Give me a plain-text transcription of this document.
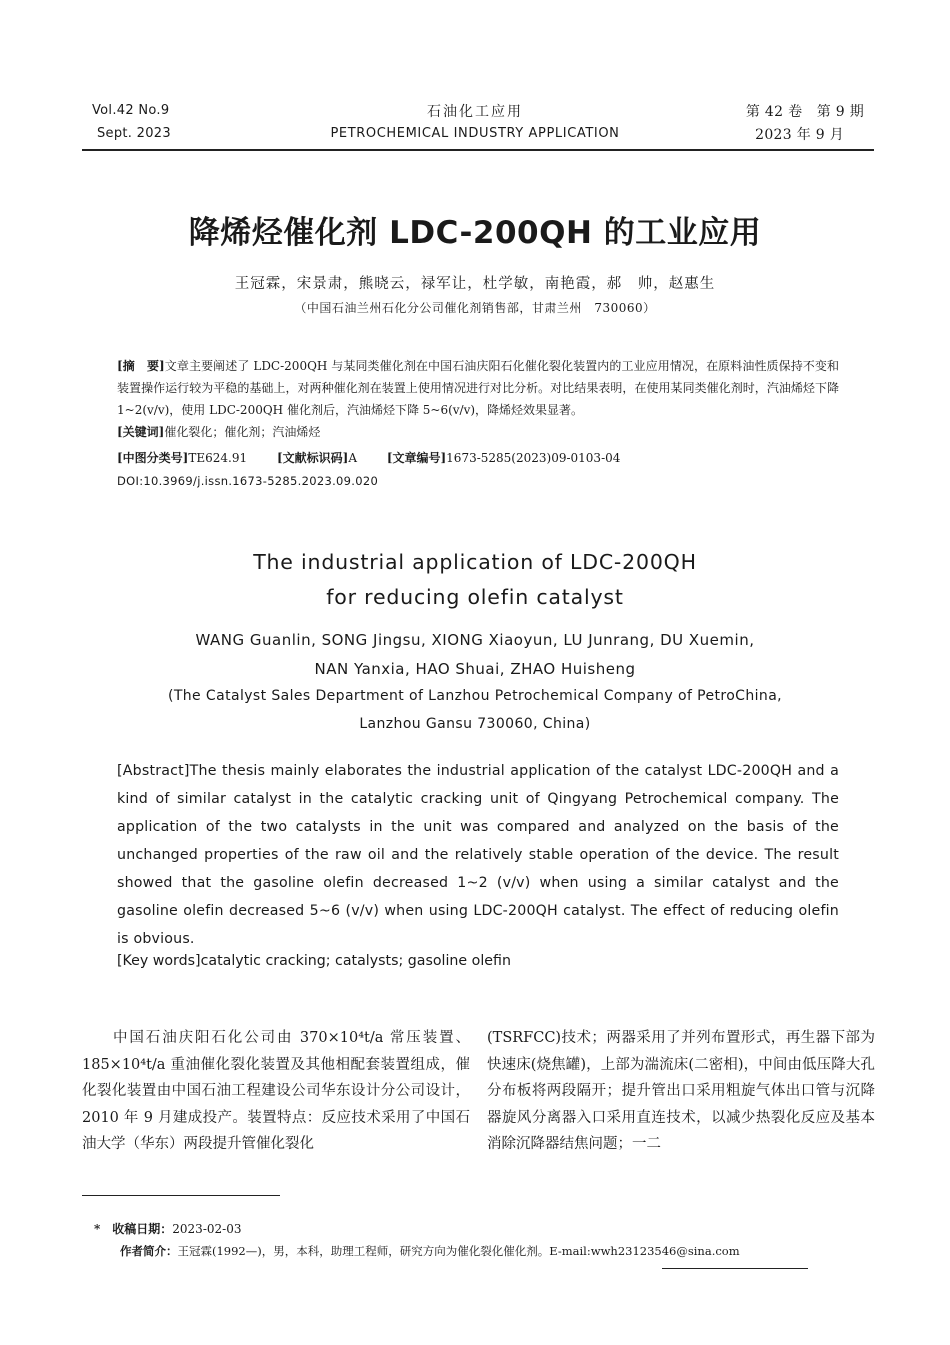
Vol.42 No.9
Sept. 2023
石油化工应用
PETROCHEMICAL INDUSTRY APPLICATION
第 42 卷　第 9 期
2023 年 9 月
降烯烃催化剂 LDC-200QH 的工业应用
王冠霖，宋景肃，熊晓云，禄军让，杜学敏，南艳霞，郝　帅，赵惠生
（中国石油兰州石化分公司催化剂销售部，甘肃兰州　730060）
[摘　要]文章主要阐述了 LDC-200QH 与某同类催化剂在中国石油庆阳石化催化裂化装置内的工业应用情况，在原料油性质保持不变和装置操作运行较为平稳的基础上，对两种催化剂在装置上使用情况进行对比分析。对比结果表明，在使用某同类催化剂时，汽油烯烃下降 1~2(v/v)，使用 LDC-200QH 催化剂后，汽油烯烃下降 5~6(v/v)，降烯烃效果显著。
[关键词]催化裂化；催化剂；汽油烯烃
[中图分类号]TE624.91 [文献标识码]A [文章编号]1673-5285(2023)09-0103-04
DOI:10.3969/j.issn.1673-5285.2023.09.020
The industrial application of LDC-200QH
for reducing olefin catalyst
WANG Guanlin, SONG Jingsu, XIONG Xiaoyun, LU Junrang, DU Xuemin,
NAN Yanxia, HAO Shuai, ZHAO Huisheng
(The Catalyst Sales Department of Lanzhou Petrochemical Company of PetroChina,
Lanzhou Gansu 730060, China)
[Abstract]The thesis mainly elaborates the industrial application of the catalyst LDC-200QH and a kind of similar catalyst in the catalytic cracking unit of Qingyang Petrochemical company. The application of the two catalysts in the unit was compared and analyzed on the basis of the unchanged properties of the raw oil and the relatively stable operation of the device. The result showed that the gasoline olefin decreased 1~2 (v/v) when using a similar catalyst and the gasoline olefin decreased 5~6 (v/v) when using LDC-200QH catalyst. The effect of reducing olefin is obvious.
[Key words]catalytic cracking; catalysts; gasoline olefin
中国石油庆阳石化公司由 370×10⁴t/a 常压装置、185×10⁴t/a 重油催化裂化装置及其他相配套装置组成，催化裂化装置由中国石油工程建设公司华东设计分公司设计，2010 年 9 月建成投产。装置特点：反应技术采用了中国石油大学（华东）两段提升管催化裂化
(TSRFCC)技术；两器采用了并列布置形式，再生器下部为快速床(烧焦罐)，上部为湍流床(二密相)，中间由低压降大孔分布板将两段隔开；提升管出口采用粗旋气体出口管与沉降器旋风分离器入口采用直连技术，以减少热裂化反应及基本消除沉降器结焦问题；一二
*　收稿日期：2023-02-03
作者简介：王冠霖(1992—)，男，本科，助理工程师，研究方向为催化裂化催化剂。E-mail:wwh23123546@sina.com
